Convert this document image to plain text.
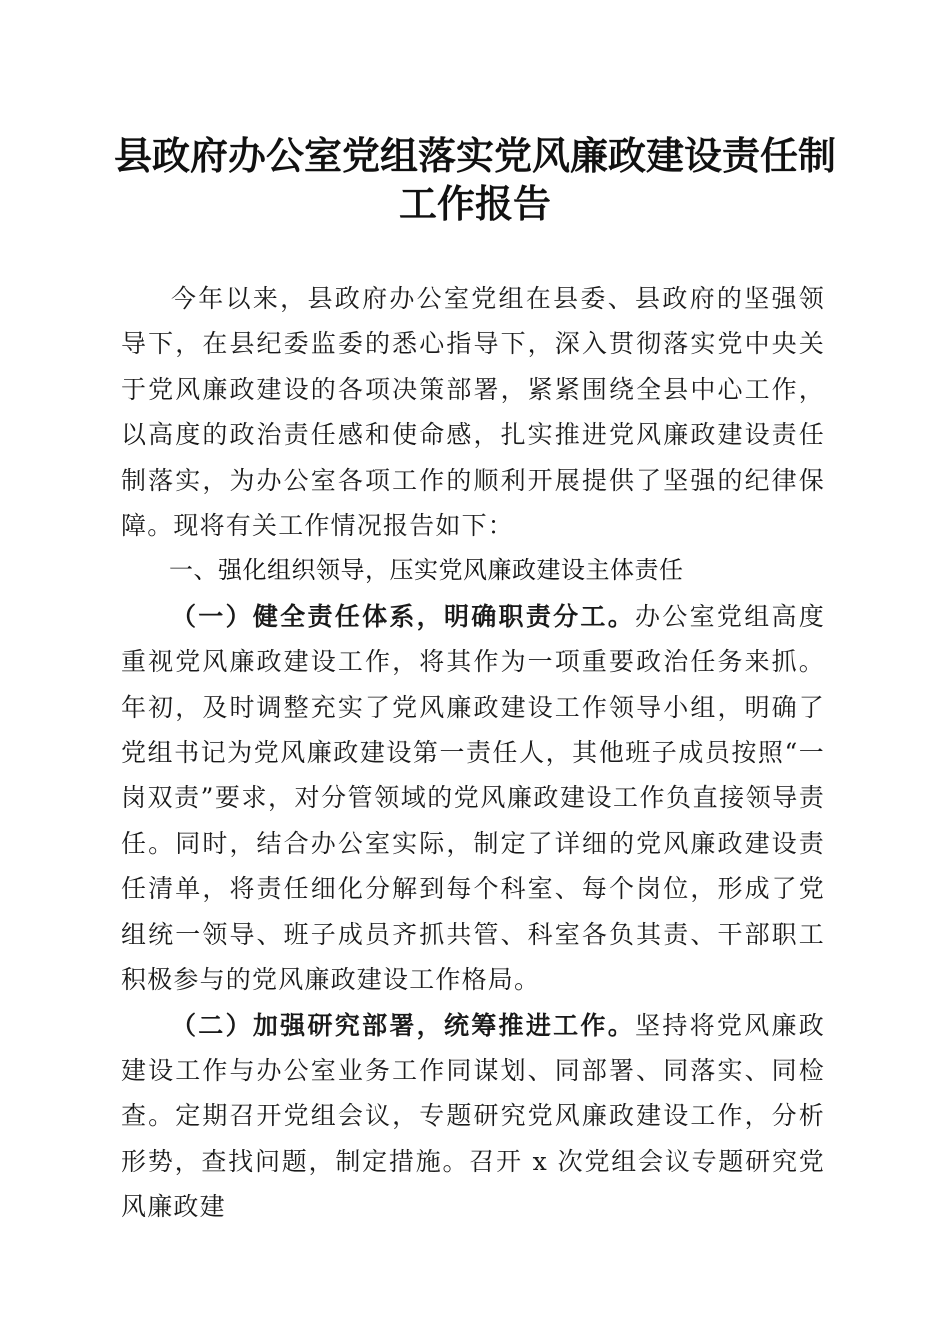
县政府办公室党组落实党风廉政建设责任制工作报告

今年以来，县政府办公室党组在县委、县政府的坚强领导下，在县纪委监委的悉心指导下，深入贯彻落实党中央关于党风廉政建设的各项决策部署，紧紧围绕全县中心工作，以高度的政治责任感和使命感，扎实推进党风廉政建设责任制落实，为办公室各项工作的顺利开展提供了坚强的纪律保障。现将有关工作情况报告如下：

一、强化组织领导，压实党风廉政建设主体责任

（一）健全责任体系，明确职责分工。办公室党组高度重视党风廉政建设工作，将其作为一项重要政治任务来抓。年初，及时调整充实了党风廉政建设工作领导小组，明确了党组书记为党风廉政建设第一责任人，其他班子成员按照“一岗双责”要求，对分管领域的党风廉政建设工作负直接领导责任。同时，结合办公室实际，制定了详细的党风廉政建设责任清单，将责任细化分解到每个科室、每个岗位，形成了党组统一领导、班子成员齐抓共管、科室各负其责、干部职工积极参与的党风廉政建设工作格局。

（二）加强研究部署，统筹推进工作。坚持将党风廉政建设工作与办公室业务工作同谋划、同部署、同落实、同检查。定期召开党组会议，专题研究党风廉政建设工作，分析形势，查找问题，制定措施。召开 x 次党组会议专题研究党风廉政建
